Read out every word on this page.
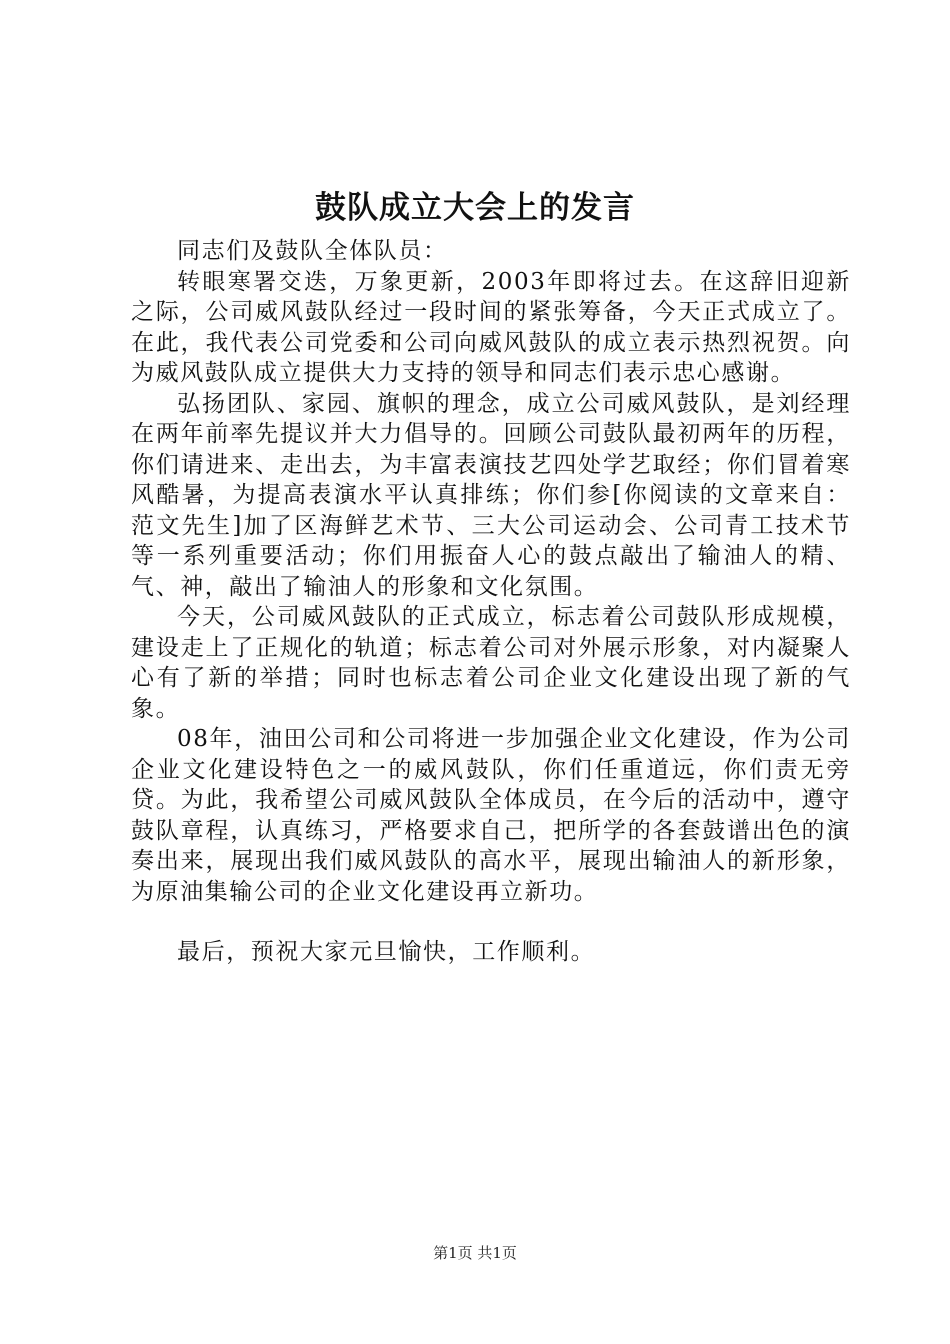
鼓队成立大会上的发言

同志们及鼓队全体队员：

转眼寒署交迭，万象更新，2003年即将过去。在这辞旧迎新之际，公司威风鼓队经过一段时间的紧张筹备，今天正式成立了。在此，我代表公司党委和公司向威风鼓队的成立表示热烈祝贺。向为威风鼓队成立提供大力支持的领导和同志们表示忠心感谢。

弘扬团队、家园、旗帜的理念，成立公司威风鼓队，是刘经理在两年前率先提议并大力倡导的。回顾公司鼓队最初两年的历程，你们请进来、走出去，为丰富表演技艺四处学艺取经；你们冒着寒风酷暑，为提高表演水平认真排练；你们参[你阅读的文章来自：范文先生]加了区海鲜艺术节、三大公司运动会、公司青工技术节等一系列重要活动；你们用振奋人心的鼓点敲出了输油人的精、气、神，敲出了输油人的形象和文化氛围。

今天，公司威风鼓队的正式成立，标志着公司鼓队形成规模，建设走上了正规化的轨道；标志着公司对外展示形象，对内凝聚人心有了新的举措；同时也标志着公司企业文化建设出现了新的气象。

08年，油田公司和公司将进一步加强企业文化建设，作为公司企业文化建设特色之一的威风鼓队，你们任重道远，你们责无旁贷。为此，我希望公司威风鼓队全体成员，在今后的活动中，遵守鼓队章程，认真练习，严格要求自己，把所学的各套鼓谱出色的演奏出来，展现出我们威风鼓队的高水平，展现出输油人的新形象，为原油集输公司的企业文化建设再立新功。

最后，预祝大家元旦愉快，工作顺利。

第1页 共1页
